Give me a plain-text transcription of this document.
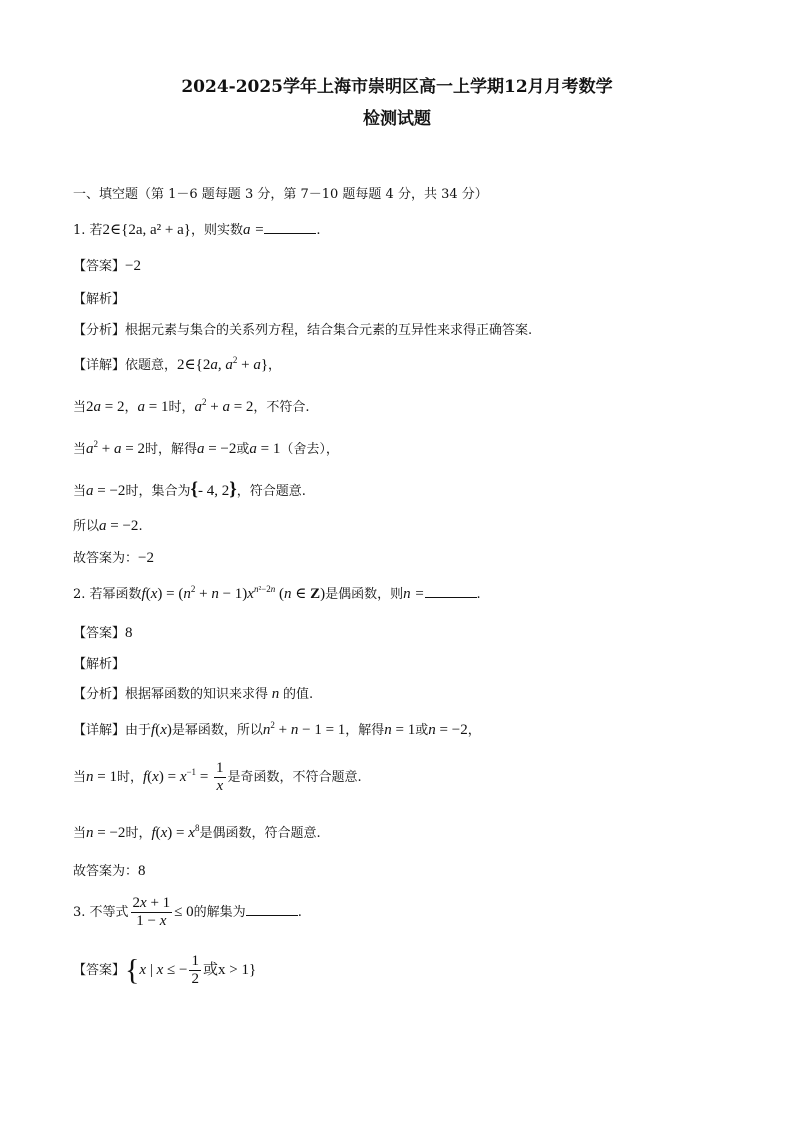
2024-2025学年上海市崇明区高一上学期12月月考数学
检测试题
一、填空题（第 1－6 题每题 3 分，第 7－10 题每题 4 分，共 34 分）
1. 若2∈{2a, a² + a}，则实数a =	.
【答案】−2
【解析】
【分析】根据元素与集合的关系列方程，结合集合元素的互异性来求得正确答案.
【详解】依题意，2∈{2a, $a^2 + a$}，
当2a = 2，a = 1时，$a^2 + a = 2$，不符合.
当$a^2 + a = 2$时，解得a = −2或a = 1（舍去），
当a = −2时，集合为{- 4, 2}，符合题意.
所以a = −2.
故答案为：−2
2. 若幂函数$f(x) = (n^2 + n - 1)x^{n^2-2n}$ (n ∈ Z)是偶函数，则n =	.
【答案】8
【解析】
【分析】根据幂函数的知识来求得 n 的值.
【详解】由于f(x)是幂函数，所以$n^2 + n - 1 = 1$，解得n = 1或n = −2，
当n = 1时，$f(x) = x^{-1} = \frac{1}{x}$ 是奇函数，不符合题意.
当n = −2时，$f(x) = x^8$是偶函数，符合题意.
故答案为：8
3. 不等式 $\frac{2x + 1}{1 - x} \le 0$的解集为	.
【答案】{x | x ≤ − $\frac{1}{2}$ 或x > 1}
